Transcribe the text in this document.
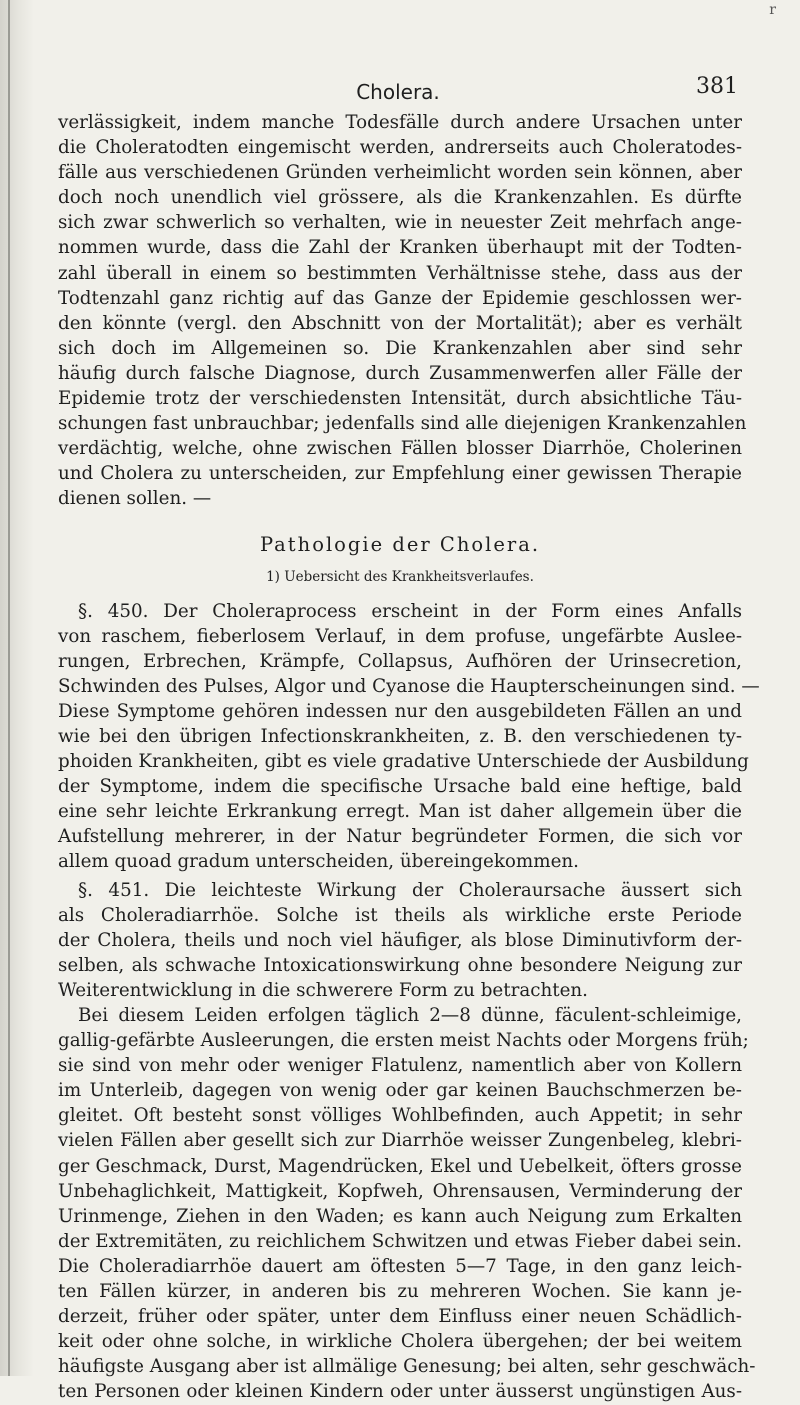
r
Cholera.	381
verlässigkeit, indem manche Todesfälle durch andere Ursachen unter
die Choleratodten eingemischt werden, andrerseits auch Choleratodes-
fälle aus verschiedenen Gründen verheimlicht worden sein können, aber
doch noch unendlich viel grössere, als die Krankenzahlen. Es dürfte
sich zwar schwerlich so verhalten, wie in neuester Zeit mehrfach ange-
nommen wurde, dass die Zahl der Kranken überhaupt mit der Todten-
zahl überall in einem so bestimmten Verhältnisse stehe, dass aus der
Todtenzahl ganz richtig auf das Ganze der Epidemie geschlossen wer-
den könnte (vergl. den Abschnitt von der Mortalität); aber es verhält
sich doch im Allgemeinen so. Die Krankenzahlen aber sind sehr
häufig durch falsche Diagnose, durch Zusammenwerfen aller Fälle der
Epidemie trotz der verschiedensten Intensität, durch absichtliche Täu-
schungen fast unbrauchbar; jedenfalls sind alle diejenigen Krankenzahlen
verdächtig, welche, ohne zwischen Fällen blosser Diarrhöe, Cholerinen
und Cholera zu unterscheiden, zur Empfehlung einer gewissen Therapie
dienen sollen. —
Pathologie der Cholera.
1) Uebersicht des Krankheitsverlaufes.
§. 450. Der Choleraprocess erscheint in der Form eines Anfalls
von raschem, fieberlosem Verlauf, in dem profuse, ungefärbte Auslee-
rungen, Erbrechen, Krämpfe, Collapsus, Aufhören der Urinsecretion,
Schwinden des Pulses, Algor und Cyanose die Haupterscheinungen sind. —
Diese Symptome gehören indessen nur den ausgebildeten Fällen an und
wie bei den übrigen Infectionskrankheiten, z. B. den verschiedenen ty-
phoiden Krankheiten, gibt es viele gradative Unterschiede der Ausbildung
der Symptome, indem die specifische Ursache bald eine heftige, bald
eine sehr leichte Erkrankung erregt. Man ist daher allgemein über die
Aufstellung mehrerer, in der Natur begründeter Formen, die sich vor
allem quoad gradum unterscheiden, übereingekommen.
§. 451. Die leichteste Wirkung der Choleraursache äussert sich
als Choleradiarrhöe. Solche ist theils als wirkliche erste Periode
der Cholera, theils und noch viel häufiger, als blose Diminutivform der-
selben, als schwache Intoxicationswirkung ohne besondere Neigung zur
Weiterentwicklung in die schwerere Form zu betrachten.
Bei diesem Leiden erfolgen täglich 2—8 dünne, fäculent-schleimige,
gallig-gefärbte Ausleerungen, die ersten meist Nachts oder Morgens früh;
sie sind von mehr oder weniger Flatulenz, namentlich aber von Kollern
im Unterleib, dagegen von wenig oder gar keinen Bauchschmerzen be-
gleitet. Oft besteht sonst völliges Wohlbefinden, auch Appetit; in sehr
vielen Fällen aber gesellt sich zur Diarrhöe weisser Zungenbeleg, klebri-
ger Geschmack, Durst, Magendrücken, Ekel und Uebelkeit, öfters grosse
Unbehaglichkeit, Mattigkeit, Kopfweh, Ohrensausen, Verminderung der
Urinmenge, Ziehen in den Waden; es kann auch Neigung zum Erkalten
der Extremitäten, zu reichlichem Schwitzen und etwas Fieber dabei sein.
Die Choleradiarrhöe dauert am öftesten 5—7 Tage, in den ganz leich-
ten Fällen kürzer, in anderen bis zu mehreren Wochen. Sie kann je-
derzeit, früher oder später, unter dem Einfluss einer neuen Schädlich-
keit oder ohne solche, in wirkliche Cholera übergehen; der bei weitem
häufigste Ausgang aber ist allmälige Genesung; bei alten, sehr geschwäch-
ten Personen oder kleinen Kindern oder unter äusserst ungünstigen Aus-
